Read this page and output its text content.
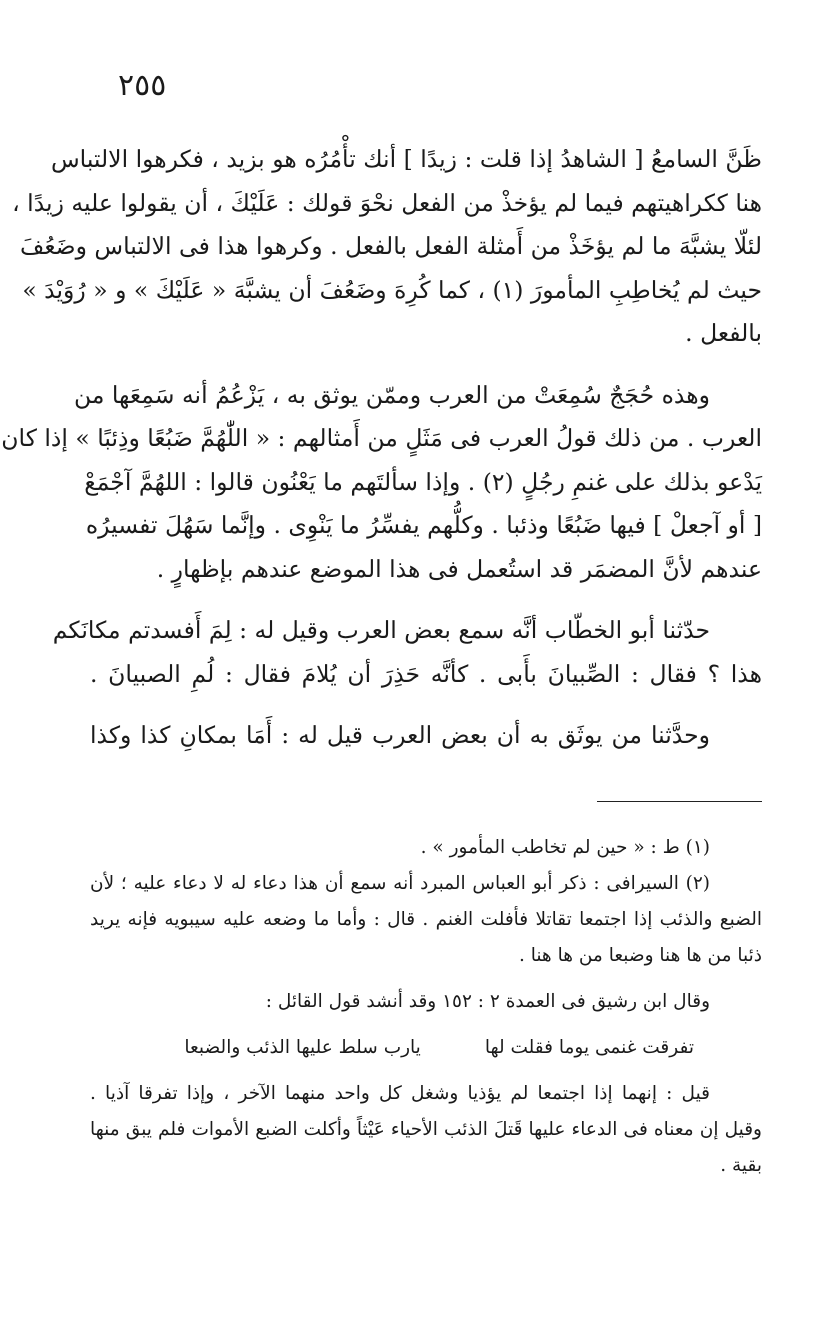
٢٥٥

ظَنَّ السامعُ [ الشاهدُ إذا قلت : زيدًا ] أنك تأْمُرُه هو بزيد ، فكرهوا الالتباس
هنا ككراهيتهم فيما لم يؤخذْ من الفعل نحْوَ قولك : عَلَيْكَ ، أن يقولوا عليه زيدًا ،
لئلّا يشبَّهَ ما لم يؤخَذْ من أَمثلة الفعل بالفعل . وكرهوا هذا فى الالتباس وضَعُفَ
حيث لم يُخاطِبِ المأمورَ (١) ، كما كُرِهَ وضَعُفَ أن يشبَّهَ « عَلَيْكَ » و « رُوَيْدَ »
بالفعل .

وهذه حُجَجٌ سُمِعَتْ من العرب وممّن يوثق به ، يَزْعُمُ أنه سَمِعَها من
العرب . من ذلك قولُ العرب فى مَثَلٍ من أَمثالهم : « اللّٰهُمَّ ضَبُعًا وذِئبًا » إذا كان
يَدْعو بذلك على غنمِ رجُلٍ (٢) . وإذا سألتَهم ما يَعْنُون قالوا : اللهُمَّ آجْمَعْ
[ أو آجعلْ ] فيها ضَبُعًا وذئبا . وكلُّهم يفسِّرُ ما يَنْوِى . وإنَّما سَهُلَ تفسيرُه
عندهم لأنَّ المضمَر قد استُعمل فى هذا الموضع عندهم بإظهارٍ .

حدّثنا أبو الخطّاب أنَّه سمع بعض العرب وقيل له : لِمَ أَفسدتم مكانَكم
هذا ؟ فقال : الصِّبيانَ بأَبى . كأنَّه حَذِرَ أن يُلامَ فقال : لُمِ الصبيانَ .

وحدَّثنا من يوثَق به أن بعض العرب قيل له : أَمَا بمكانِ كذا وكذا

(١) ط : « حين لم تخاطب المأمور » .
(٢) السيرافى : ذكر أبو العباس المبرد أنه سمع أن هذا دعاء له لا دعاء عليه ؛ لأن
الضبع والذئب إذا اجتمعا تقاتلا فأفلت الغنم . قال : وأما ما وضعه عليه سيبويه فإنه يريد
ذئبا من ها هنا وضبعا من ها هنا .
وقال ابن رشيق فى العمدة ٢ : ١٥٢ وقد أنشد قول القائل :
تفرقت غنمى يوما فقلت لها
يارب سلط عليها الذئب والضبعا
قيل : إنهما إذا اجتمعا لم يؤذيا وشغل كل واحد منهما الآخر ، وإذا تفرقا آذيا .
وقيل إن معناه فى الدعاء عليها قَتلَ الذئب الأحياء عَيْثاً وأكلت الضبع الأموات فلم يبق منها
بقية .
